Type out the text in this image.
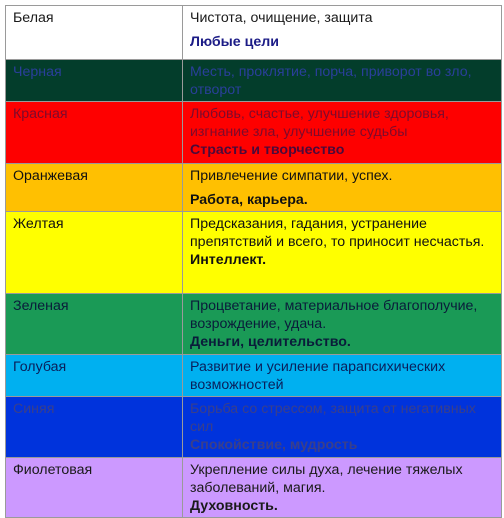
Белая	Чистота, очищение, защита
Любые цели

Черная	Месть, проклятие, порча, приворот во зло, отворот

Красная	Любовь, счастье, улучшение здоровья, изгнание зла, улучшение судьбы
Страсть и творчество

Оранжевая	Привлечение симпатии, успех.
Работа, карьера.

Желтая	Предсказания, гадания, устранение препятствий и всего, то приносит несчастья.
Интеллект.

Зеленая	Процветание, материальное благополучие, возрождение, удача.
Деньги, целительство.

Голубая	Развитие и усиление парапсихических возможностей

Синяя	Борьба со стрессом, защита от негативных сил
Спокойствие, мудрость

Фиолетовая	Укрепление силы духа, лечение тяжелых заболеваний, магия.
Духовность.
